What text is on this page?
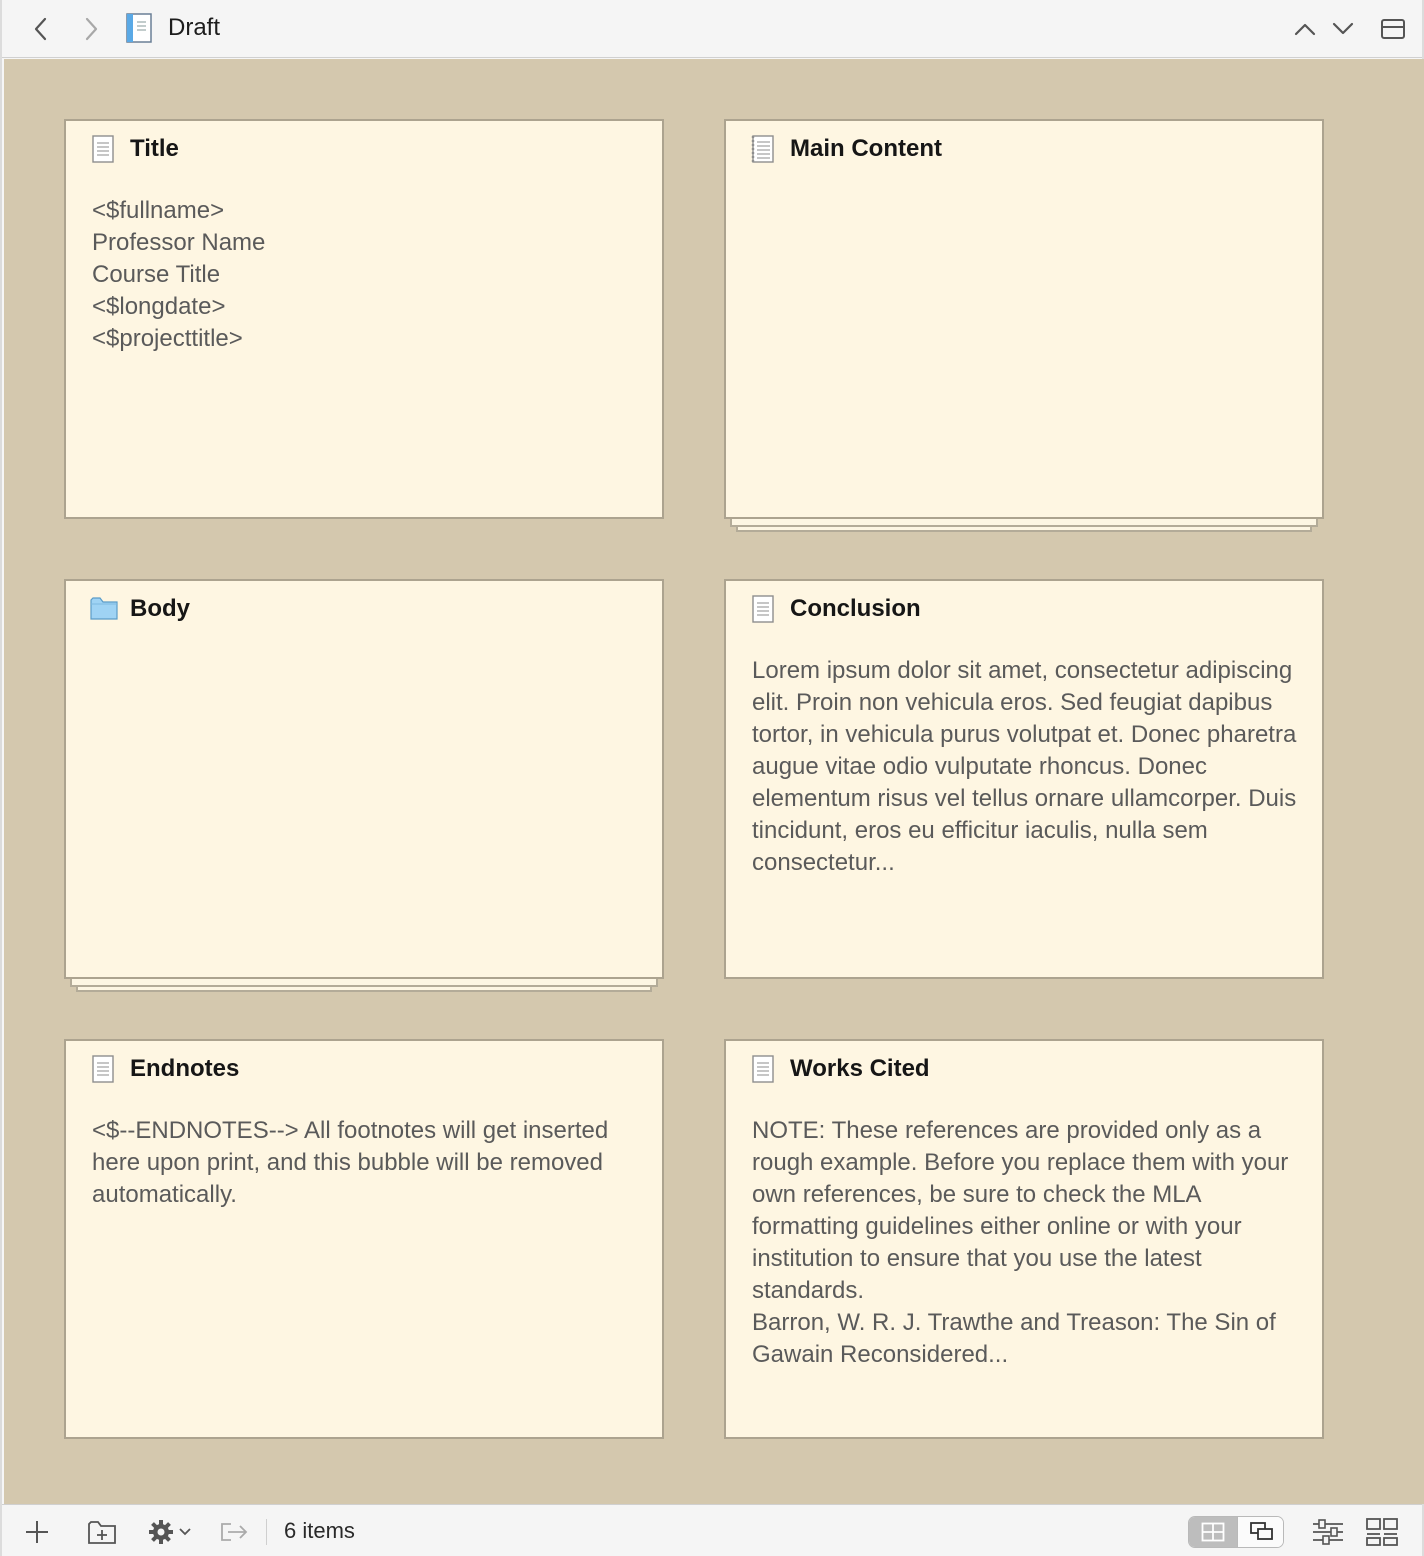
Draft
Title
<$fullname>
Professor Name
Course Title
<$longdate>
<$projecttitle>
Main Content
Body	Conclusion
Lorem ipsum dolor sit amet, consectetur adipiscing elit. Proin non vehicula eros. Sed feugiat dapibus tortor, in vehicula purus volutpat et. Donec pharetra augue vitae odio vulputate rhoncus. Donec elementum risus vel tellus ornare ullamcorper. Duis tincidunt, eros eu efficitur iaculis, nulla sem consectetur...
Endnotes
<$--ENDNOTES--> All footnotes will get inserted here upon print, and this bubble will be removed automatically.
Works Cited
NOTE: These references are provided only as a rough example. Before you replace them with your own references, be sure to check the MLA formatting guidelines either online or with your institution to ensure that you use the latest standards.
Barron, W. R. J. Trawthe and Treason: The Sin of Gawain Reconsidered...
6 items
